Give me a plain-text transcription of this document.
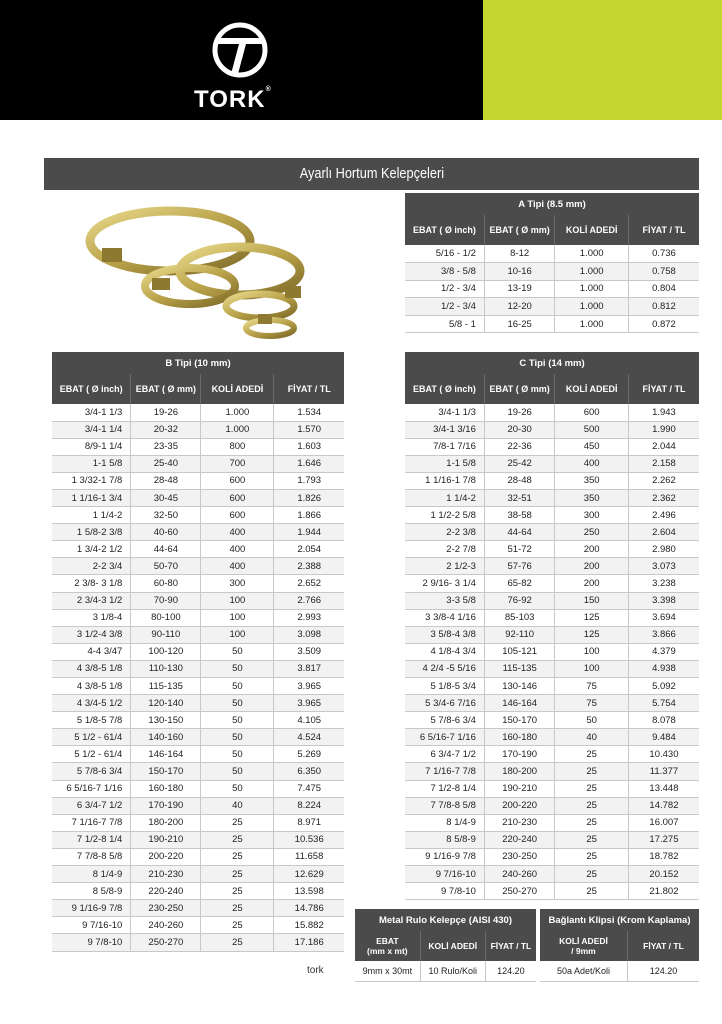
TORK®
Ayarlı Hortum Kelepçeleri
A Tipi (8.5 mm)			
EBAT ( Ø inch)	EBAT ( Ø mm)	KOLİ ADEDİ	FİYAT / TL
5/16 - 1/2	8-12	1.000	0.736
3/8 - 5/8	10-16	1.000	0.758
1/2 - 3/4	13-19	1.000	0.804
1/2 - 3/4	12-20	1.000	0.812
5/8 - 1	16-25	1.000	0.872
B Tipi (10 mm)			
EBAT ( Ø inch)	EBAT ( Ø mm)	KOLİ ADEDİ	FİYAT / TL
3/4-1 1/3	19-26	1.000	1.534
3/4-1 1/4	20-32	1.000	1.570
8/9-1 1/4	23-35	800	1.603
1-1 5/8	25-40	700	1.646
1 3/32-1 7/8	28-48	600	1.793
1 1/16-1 3/4	30-45	600	1.826
1 1/4-2	32-50	600	1.866
1 5/8-2 3/8	40-60	400	1.944
1 3/4-2 1/2	44-64	400	2.054
2-2 3/4	50-70	400	2.388
2 3/8- 3 1/8	60-80	300	2.652
2 3/4-3 1/2	70-90	100	2.766
3 1/8-4	80-100	100	2.993
3 1/2-4 3/8	90-110	100	3.098
4-4 3/47	100-120	50	3.509
4 3/8-5 1/8	110-130	50	3.817
4 3/8-5 1/8	115-135	50	3.965
4 3/4-5 1/2	120-140	50	3.965
5 1/8-5 7/8	130-150	50	4.105
5 1/2 - 61/4	140-160	50	4.524
5 1/2 - 61/4	146-164	50	5.269
5 7/8-6 3/4	150-170	50	6.350
6 5/16-7 1/16	160-180	50	7.475
6 3/4-7 1/2	170-190	40	8.224
7 1/16-7 7/8	180-200	25	8.971
7 1/2-8 1/4	190-210	25	10.536
7 7/8-8 5/8	200-220	25	11.658
8 1/4-9	210-230	25	12.629
8 5/8-9	220-240	25	13.598
9 1/16-9 7/8	230-250	25	14.786
9 7/16-10	240-260	25	15.882
9 7/8-10	250-270	25	17.186
C Tipi (14 mm)			
EBAT ( Ø inch)	EBAT ( Ø mm)	KOLİ ADEDİ	FİYAT / TL
3/4-1 1/3	19-26	600	1.943
3/4-1 3/16	20-30	500	1.990
7/8-1 7/16	22-36	450	2.044
1-1 5/8	25-42	400	2.158
1 1/16-1 7/8	28-48	350	2.262
1 1/4-2	32-51	350	2.362
1 1/2-2 5/8	38-58	300	2.496
2-2 3/8	44-64	250	2.604
2-2 7/8	51-72	200	2.980
2 1/2-3	57-76	200	3.073
2 9/16- 3 1/4	65-82	200	3.238
3-3 5/8	76-92	150	3.398
3 3/8-4 1/16	85-103	125	3.694
3 5/8-4 3/8	92-110	125	3.866
4 1/8-4 3/4	105-121	100	4.379
4 2/4 -5 5/16	115-135	100	4.938
5 1/8-5 3/4	130-146	75	5.092
5 3/4-6 7/16	146-164	75	5.754
5 7/8-6 3/4	150-170	50	8.078
6 5/16-7 1/16	160-180	40	9.484
6 3/4-7 1/2	170-190	25	10.430
7 1/16-7 7/8	180-200	25	11.377
7 1/2-8 1/4	190-210	25	13.448
7 7/8-8 5/8	200-220	25	14.782
8 1/4-9	210-230	25	16.007
8 5/8-9	220-240	25	17.275
9 1/16-9 7/8	230-250	25	18.782
9 7/16-10	240-260	25	20.152
9 7/8-10	250-270	25	21.802
Metal Rulo Kelepçe (AISI 430)		
EBAT
(mm x mt)	KOLİ ADEDİ	FİYAT / TL
9mm x 30mt	10 Rulo/Koli	124.20
Bağlantı Klipsi (Krom Kaplama)	
KOLİ ADEDİ
/ 9mm	FİYAT / TL
50a Adet/Koli	124.20
tork
